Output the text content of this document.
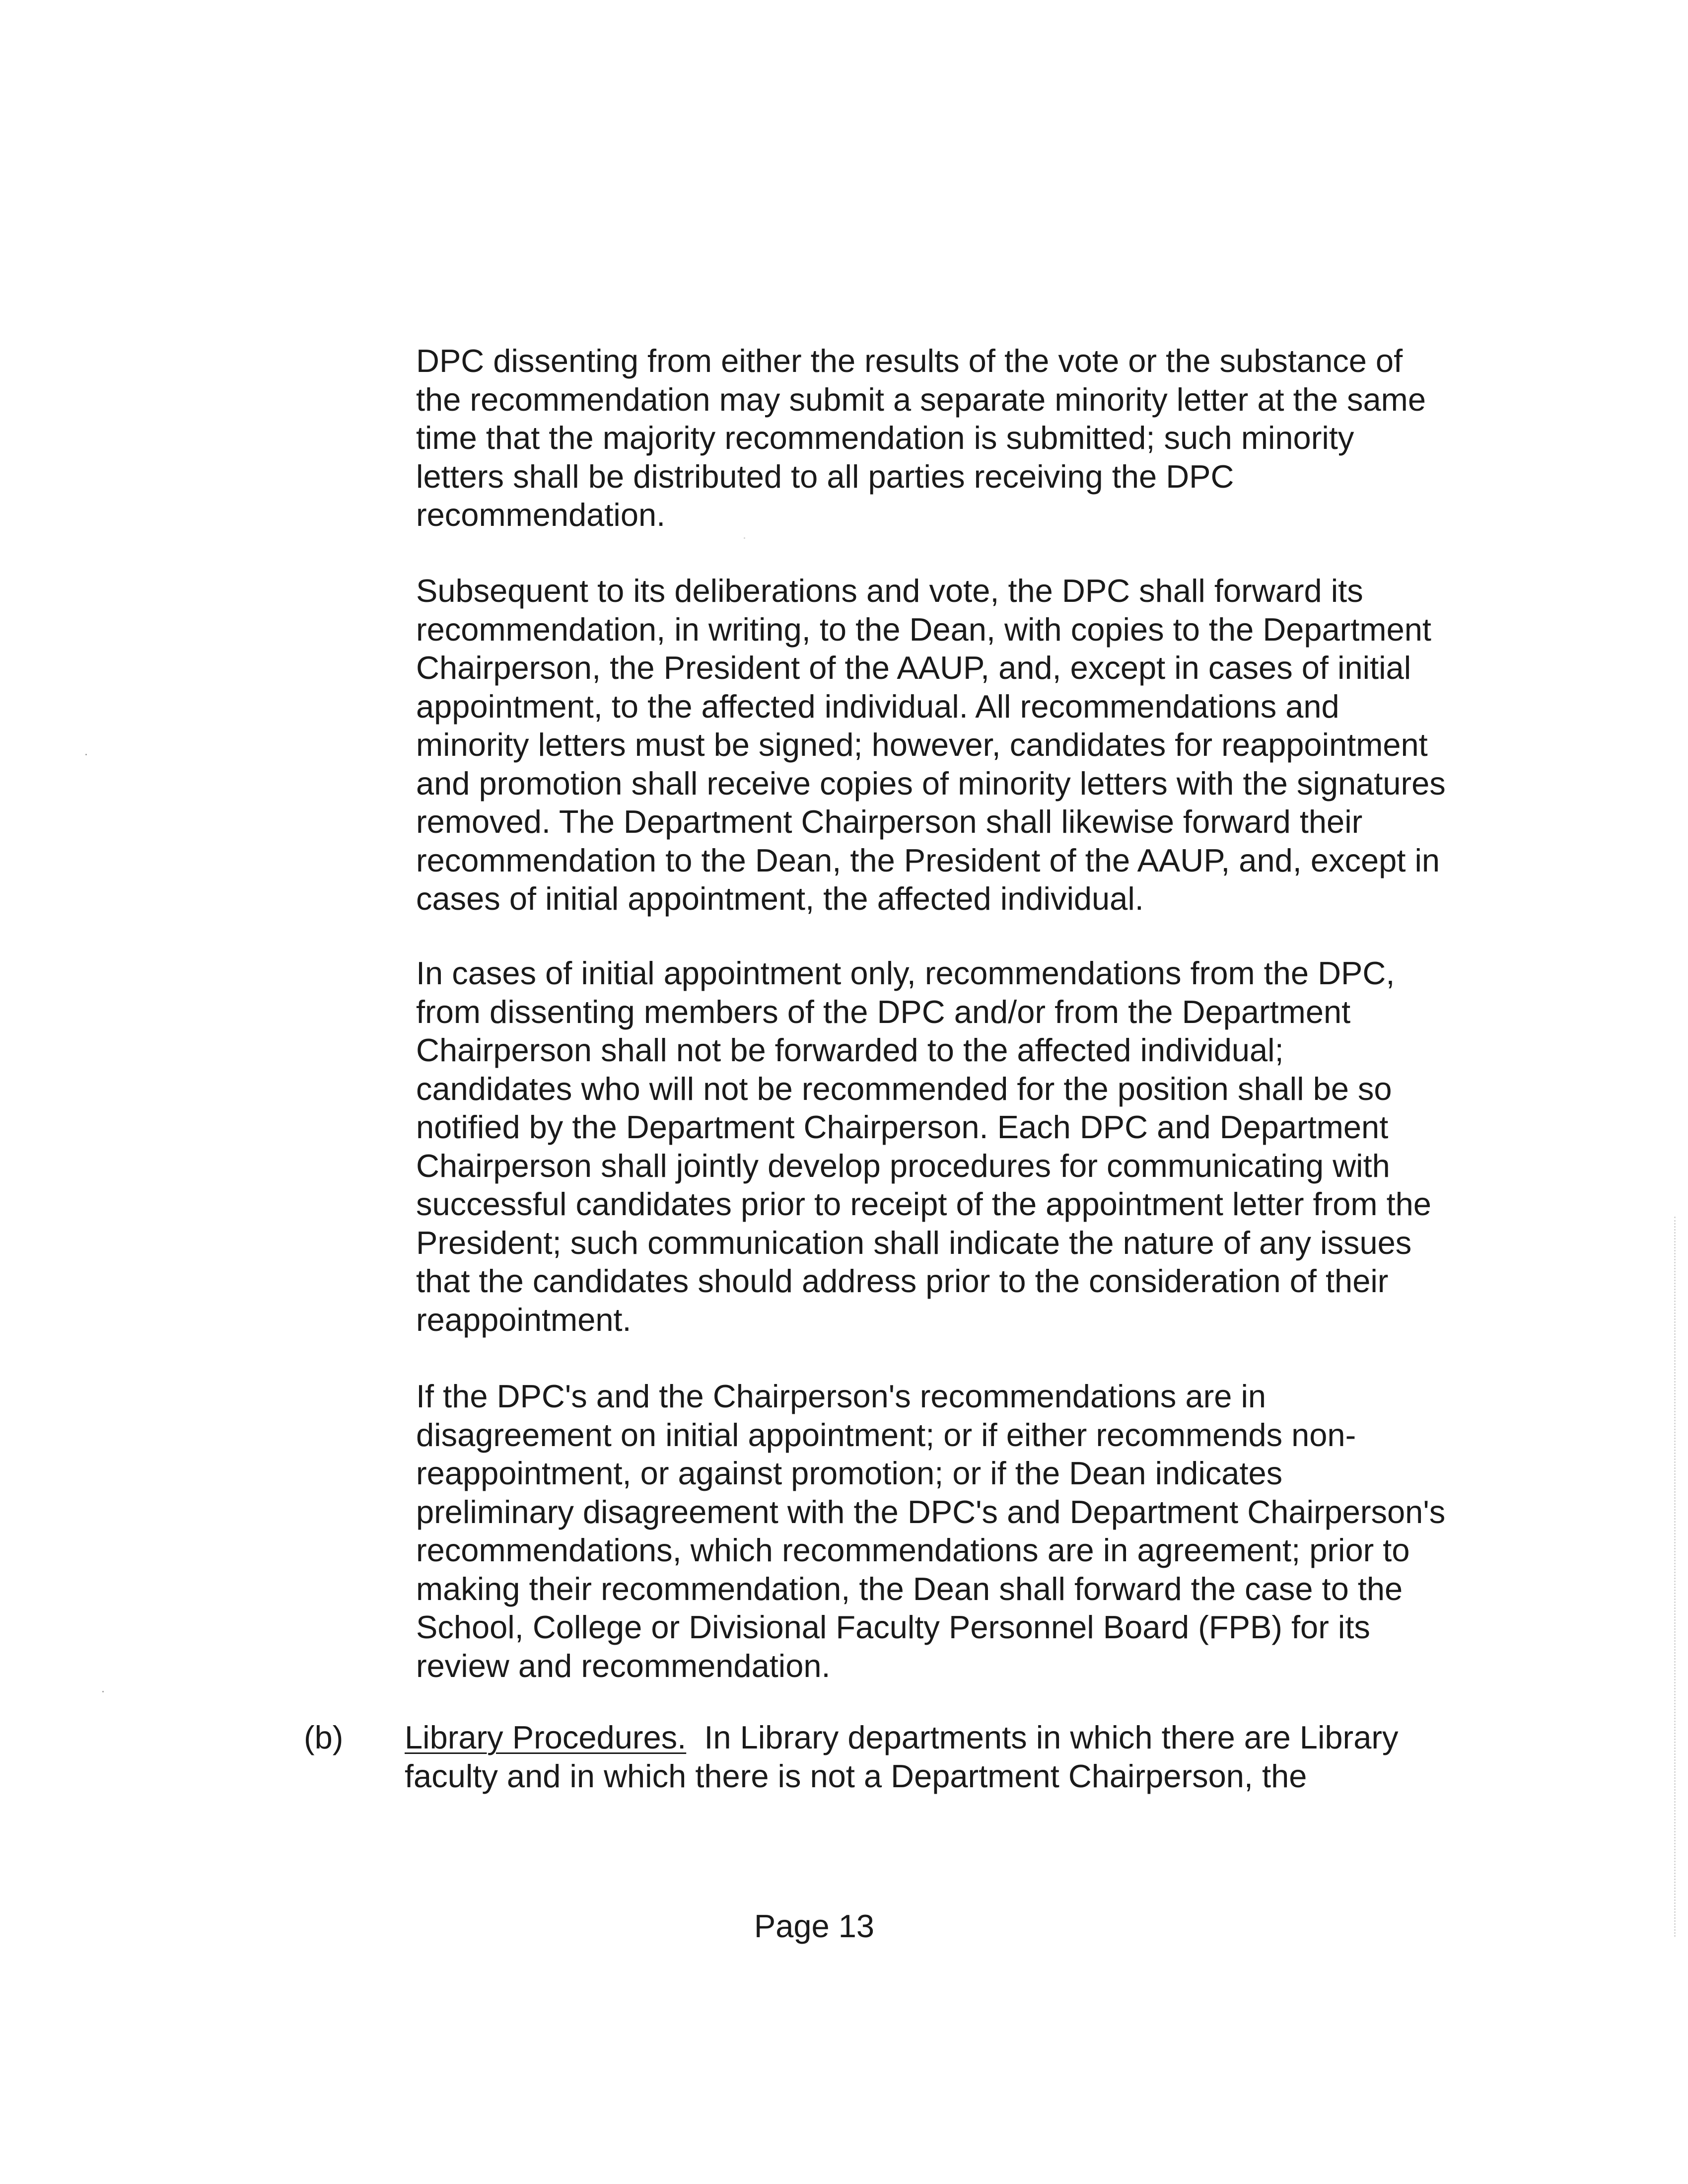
DPC dissenting from either the results of the vote or the substance of
the recommendation may submit a separate minority letter at the same
time that the majority recommendation is submitted; such minority
letters shall be distributed to all parties receiving the DPC
recommendation.
Subsequent to its deliberations and vote, the DPC shall forward its
recommendation, in writing, to the Dean, with copies to the Department
Chairperson, the President of the AAUP, and, except in cases of initial
appointment, to the affected individual. All recommendations and
minority letters must be signed; however, candidates for reappointment
and promotion shall receive copies of minority letters with the signatures
removed. The Department Chairperson shall likewise forward their
recommendation to the Dean, the President of the AAUP, and, except in
cases of initial appointment, the affected individual.
In cases of initial appointment only, recommendations from the DPC,
from dissenting members of the DPC and/or from the Department
Chairperson shall not be forwarded to the affected individual;
candidates who will not be recommended for the position shall be so
notified by the Department Chairperson. Each DPC and Department
Chairperson shall jointly develop procedures for communicating with
successful candidates prior to receipt of the appointment letter from the
President; such communication shall indicate the nature of any issues
that the candidates should address prior to the consideration of their
reappointment.
If the DPC's and the Chairperson's recommendations are in
disagreement on initial appointment; or if either recommends non-
reappointment, or against promotion; or if the Dean indicates
preliminary disagreement with the DPC's and Department Chairperson's
recommendations, which recommendations are in agreement; prior to
making their recommendation, the Dean shall forward the case to the
School, College or Divisional Faculty Personnel Board (FPB) for its
review and recommendation.
(b) Library Procedures.  In Library departments in which there are Library
faculty and in which there is not a Department Chairperson, the
Page 13
